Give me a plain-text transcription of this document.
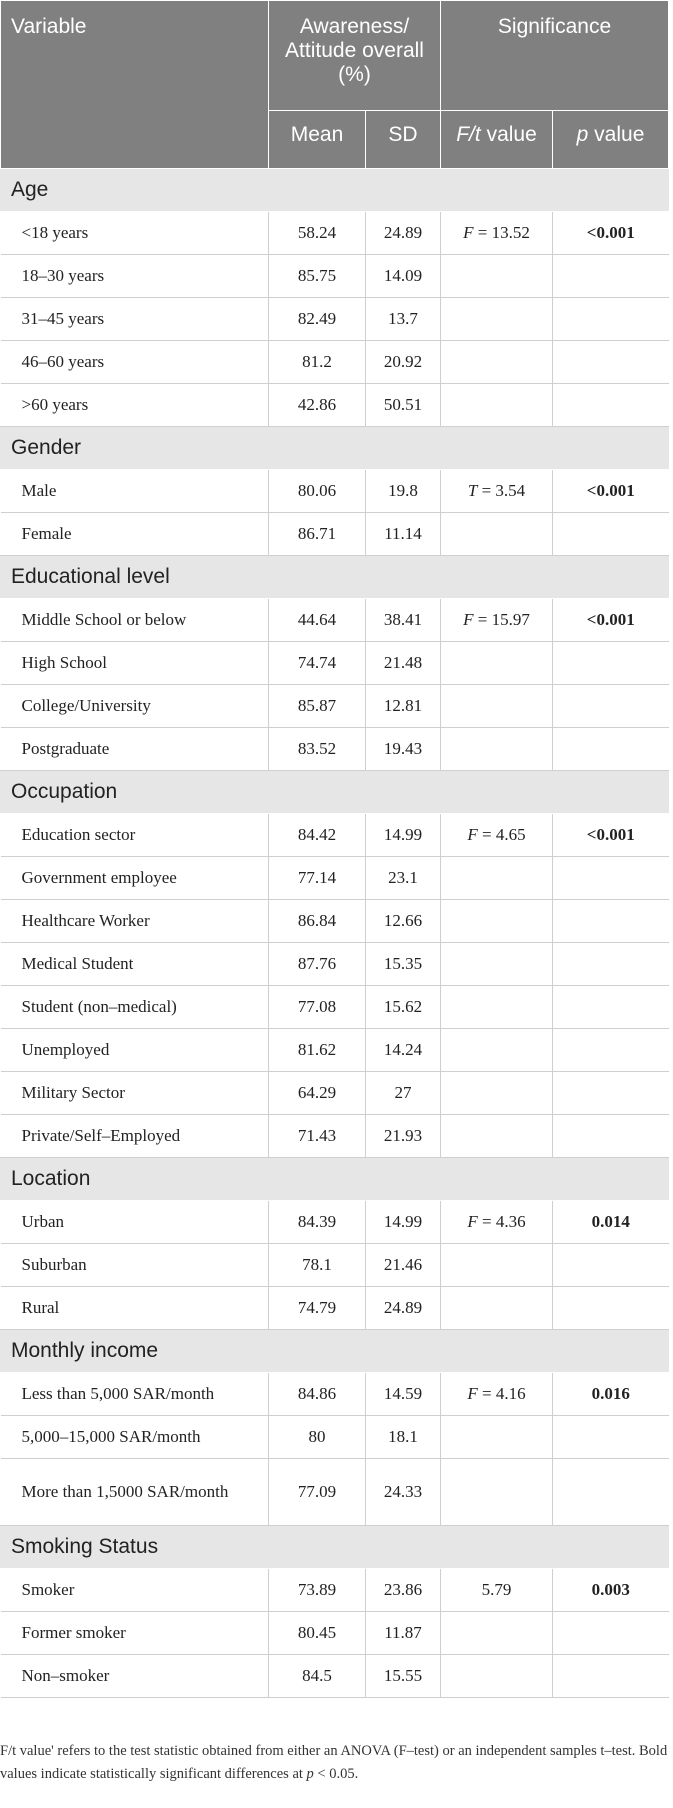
Variable	Awareness/ Attitude overall (%)		Significance	
	Mean	SD	F/t value	p value
Age				
<18 years	58.24	24.89	F = 13.52	<0.001
18–30 years	85.75	14.09		
31–45 years	82.49	13.7		
46–60 years	81.2	20.92		
>60 years	42.86	50.51		
Gender				
Male	80.06	19.8	T = 3.54	<0.001
Female	86.71	11.14		
Educational level				
Middle School or below	44.64	38.41	F = 15.97	<0.001
High School	74.74	21.48		
College/University	85.87	12.81		
Postgraduate	83.52	19.43		
Occupation				
Education sector	84.42	14.99	F = 4.65	<0.001
Government employee	77.14	23.1		
Healthcare Worker	86.84	12.66		
Medical Student	87.76	15.35		
Student (non–medical)	77.08	15.62		
Unemployed	81.62	14.24		
Military Sector	64.29	27		
Private/Self–Employed	71.43	21.93		
Location				
Urban	84.39	14.99	F = 4.36	0.014
Suburban	78.1	21.46		
Rural	74.79	24.89		
Monthly income				
Less than 5,000 SAR/month	84.86	14.59	F = 4.16	0.016
5,000–15,000 SAR/month	80	18.1		
More than 1,5000 SAR/month	77.09	24.33		
Smoking Status				
Smoker	73.89	23.86	5.79	0.003
Former smoker	80.45	11.87		
Non–smoker	84.5	15.55		
F/t value' refers to the test statistic obtained from either an ANOVA (F–test) or an independent samples t–test. Bold values indicate statistically significant differences at p < 0.05.
